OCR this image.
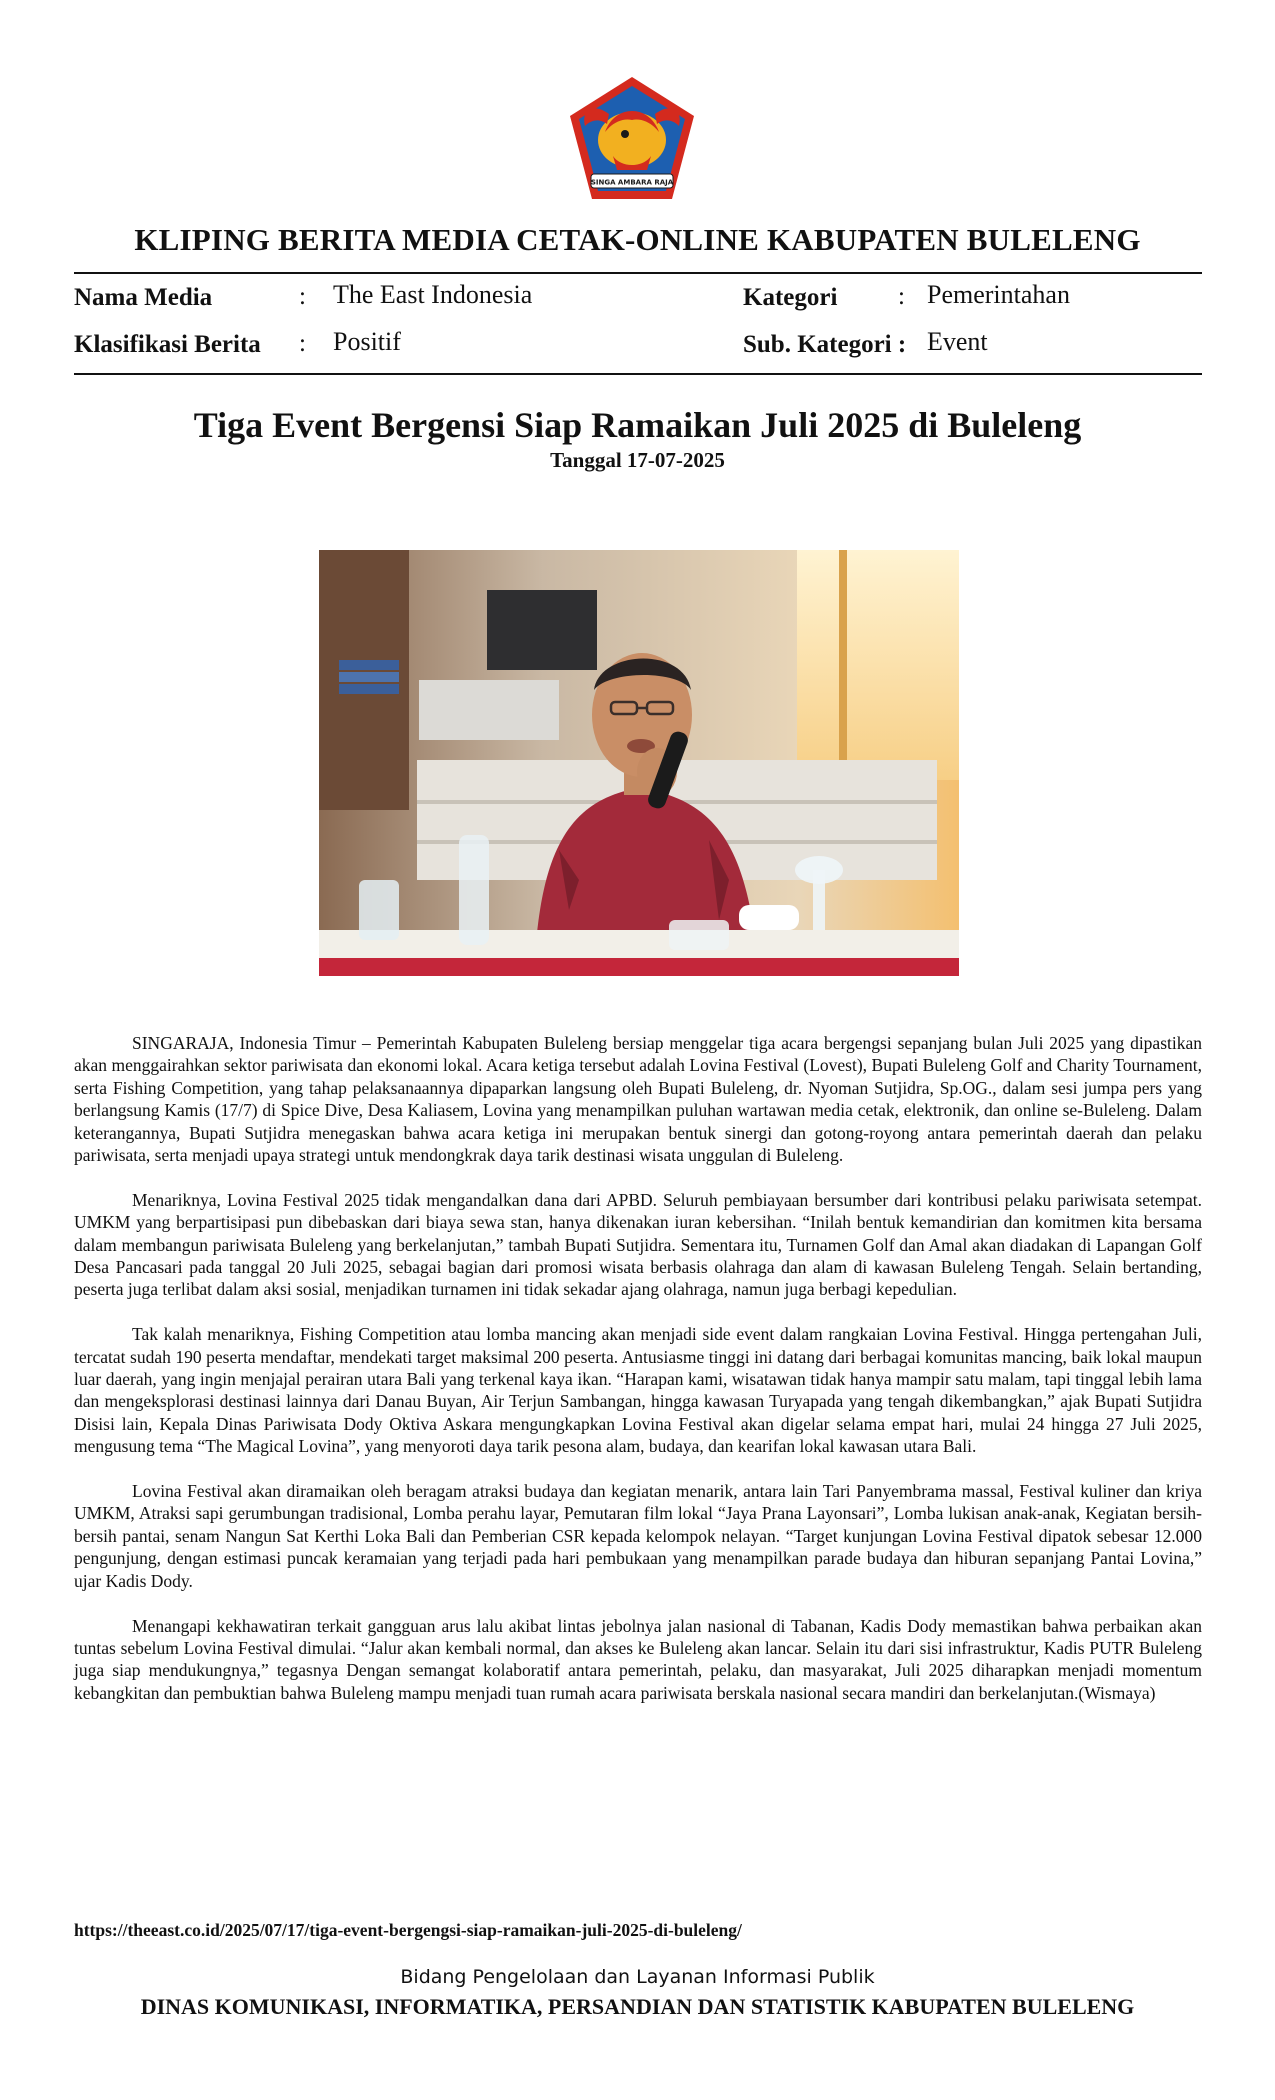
SINGA AMBARA RAJA
KLIPING BERITA MEDIA CETAK-ONLINE KABUPATEN BULELENG
Nama Media	: The East Indonesia	Kategori : Pemerintahan
Klasifikasi Berita : Positif	Sub. Kategori : Event
Tiga Event Bergensi Siap Ramaikan Juli 2025 di Buleleng
Tanggal 17-07-2025

SINGARAJA, Indonesia Timur – Pemerintah Kabupaten Buleleng bersiap menggelar tiga acara bergengsi sepanjang bulan Juli 2025 yang dipastikan akan menggairahkan sektor pariwisata dan ekonomi lokal. Acara ketiga tersebut adalah Lovina Festival (Lovest), Bupati Buleleng Golf and Charity Tournament, serta Fishing Competition, yang tahap pelaksanaannya dipaparkan langsung oleh Bupati Buleleng, dr. Nyoman Sutjidra, Sp.OG., dalam sesi jumpa pers yang berlangsung Kamis (17/7) di Spice Dive, Desa Kaliasem, Lovina yang menampilkan puluhan wartawan media cetak, elektronik, dan online se-Buleleng. Dalam keterangannya, Bupati Sutjidra menegaskan bahwa acara ketiga ini merupakan bentuk sinergi dan gotong-royong antara pemerintah daerah dan pelaku pariwisata, serta menjadi upaya strategi untuk mendongkrak daya tarik destinasi wisata unggulan di Buleleng.

Menariknya, Lovina Festival 2025 tidak mengandalkan dana dari APBD. Seluruh pembiayaan bersumber dari kontribusi pelaku pariwisata setempat. UMKM yang berpartisipasi pun dibebaskan dari biaya sewa stan, hanya dikenakan iuran kebersihan. “Inilah bentuk kemandirian dan komitmen kita bersama dalam membangun pariwisata Buleleng yang berkelanjutan,” tambah Bupati Sutjidra. Sementara itu, Turnamen Golf dan Amal akan diadakan di Lapangan Golf Desa Pancasari pada tanggal 20 Juli 2025, sebagai bagian dari promosi wisata berbasis olahraga dan alam di kawasan Buleleng Tengah. Selain bertanding, peserta juga terlibat dalam aksi sosial, menjadikan turnamen ini tidak sekadar ajang olahraga, namun juga berbagi kepedulian.

Tak kalah menariknya, Fishing Competition atau lomba mancing akan menjadi side event dalam rangkaian Lovina Festival. Hingga pertengahan Juli, tercatat sudah 190 peserta mendaftar, mendekati target maksimal 200 peserta. Antusiasme tinggi ini datang dari berbagai komunitas mancing, baik lokal maupun luar daerah, yang ingin menjajal perairan utara Bali yang terkenal kaya ikan. “Harapan kami, wisatawan tidak hanya mampir satu malam, tapi tinggal lebih lama dan mengeksplorasi destinasi lainnya dari Danau Buyan, Air Terjun Sambangan, hingga kawasan Turyapada yang tengah dikembangkan,” ajak Bupati Sutjidra Disisi lain, Kepala Dinas Pariwisata Dody Oktiva Askara mengungkapkan Lovina Festival akan digelar selama empat hari, mulai 24 hingga 27 Juli 2025, mengusung tema “The Magical Lovina”, yang menyoroti daya tarik pesona alam, budaya, dan kearifan lokal kawasan utara Bali.

Lovina Festival akan diramaikan oleh beragam atraksi budaya dan kegiatan menarik, antara lain Tari Panyembrama massal, Festival kuliner dan kriya UMKM, Atraksi sapi gerumbungan tradisional, Lomba perahu layar, Pemutaran film lokal “Jaya Prana Layonsari”, Lomba lukisan anak-anak, Kegiatan bersih-bersih pantai, senam Nangun Sat Kerthi Loka Bali dan Pemberian CSR kepada kelompok nelayan. “Target kunjungan Lovina Festival dipatok sebesar 12.000 pengunjung, dengan estimasi puncak keramaian yang terjadi pada hari pembukaan yang menampilkan parade budaya dan hiburan sepanjang Pantai Lovina,” ujar Kadis Dody.

Menangapi kekhawatiran terkait gangguan arus lalu akibat lintas jebolnya jalan nasional di Tabanan, Kadis Dody memastikan bahwa perbaikan akan tuntas sebelum Lovina Festival dimulai. “Jalur akan kembali normal, dan akses ke Buleleng akan lancar. Selain itu dari sisi infrastruktur, Kadis PUTR Buleleng juga siap mendukungnya,” tegasnya Dengan semangat kolaboratif antara pemerintah, pelaku, dan masyarakat, Juli 2025 diharapkan menjadi momentum kebangkitan dan pembuktian bahwa Buleleng mampu menjadi tuan rumah acara pariwisata berskala nasional secara mandiri dan berkelanjutan.(Wismaya)

https://theeast.co.id/2025/07/17/tiga-event-bergengsi-siap-ramaikan-juli-2025-di-buleleng/
Bidang Pengelolaan dan Layanan Informasi Publik
DINAS KOMUNIKASI, INFORMATIKA, PERSANDIAN DAN STATISTIK KABUPATEN BULELENG
